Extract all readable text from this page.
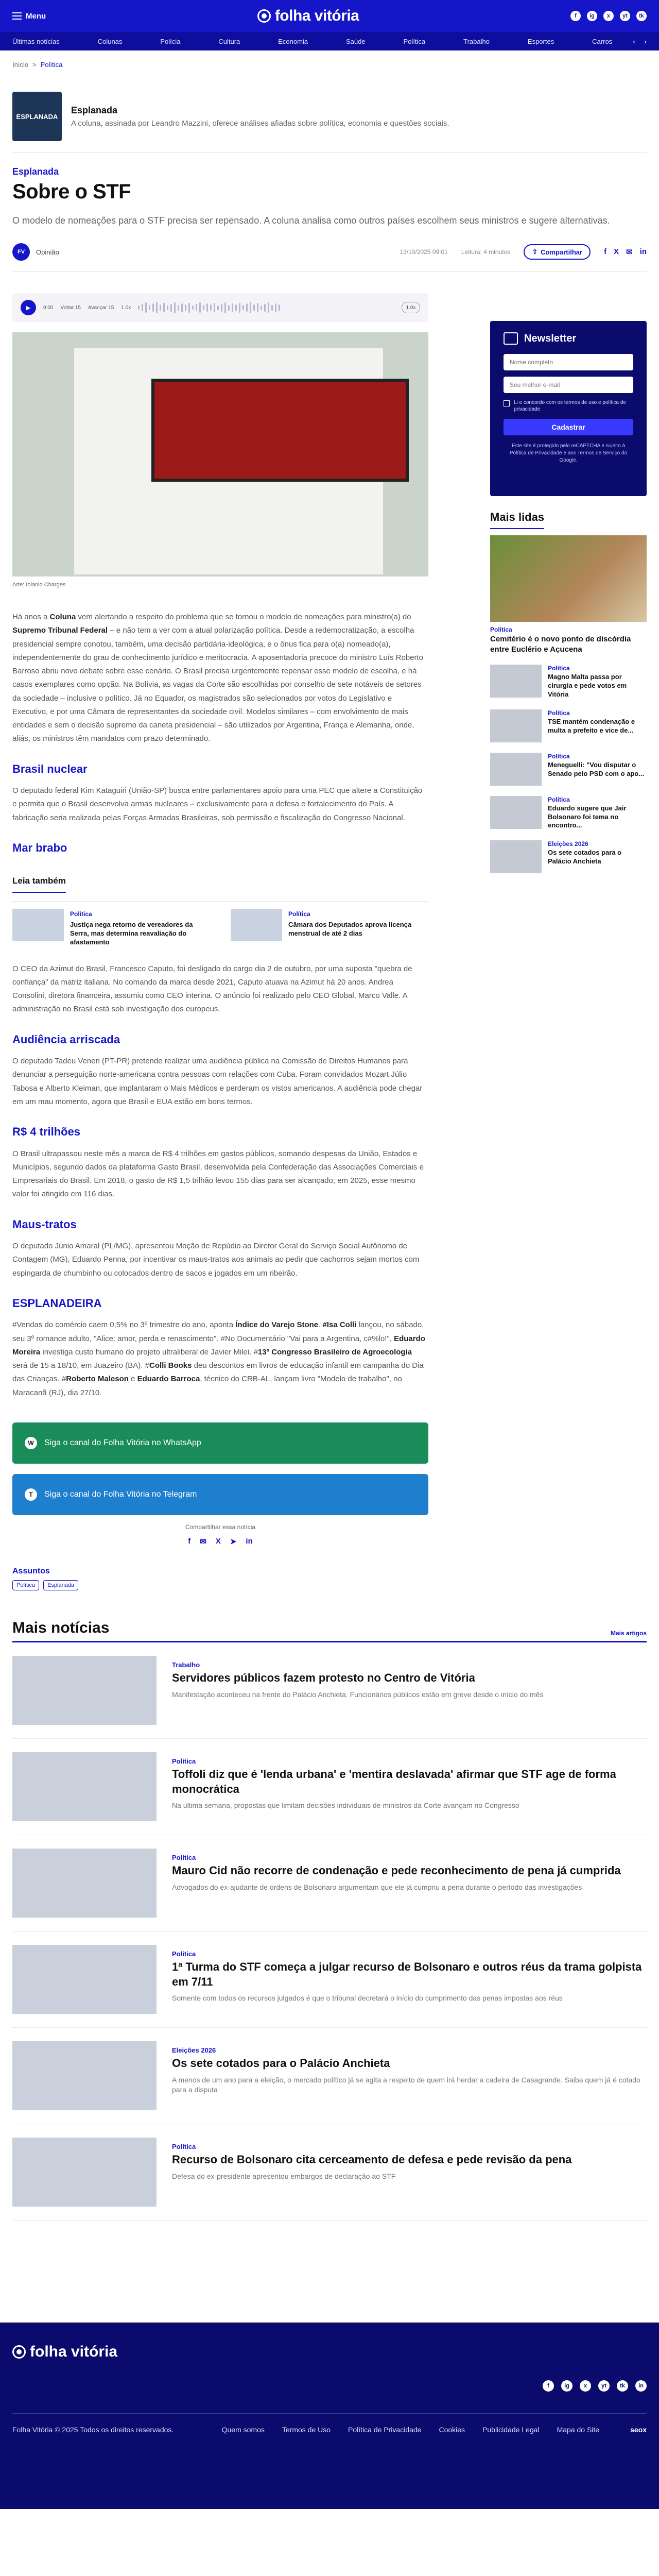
Menu	folha vitória	f	ig	x	yt	tk
Últimas notícias	Colunas	Polícia	Cultura	Economia	Saúde	Política	Trabalho	Esportes	Carros	‹ ›
Início > Política
ESPLANADA
Esplanada
A coluna, assinada por Leandro Mazzini, oferece análises afiadas sobre política, economia e questões sociais.
Esplanada
Sobre o STF
O modelo de nomeações para o STF precisa ser repensado. A coluna analisa como outros países escolhem seus ministros e sugere alternativas.
FV	Opinião	13/10/2025 09:01 Leitura: 4 minutos	⇪ Compartilhar	f X ✉ in
▶	0:00 Voltar 15 Avançar 15 1.0x	1.0x
Arte: Iolanio Charges

Há anos a Coluna vem alertando a respeito do problema que se tornou o modelo de nomeações para ministro(a) do Supremo Tribunal Federal – e não tem a ver com a atual polarização política. Desde a redemocratização, a escolha presidencial sempre conotou, também, uma decisão partidária-ideológica, e o ônus fica para o(a) nomeado(a), independentemente do grau de conhecimento jurídico e meritocracia. A aposentadoria precoce do ministro Luís Roberto Barroso abriu novo debate sobre esse cenário. O Brasil precisa urgentemente repensar esse modelo de escolha, e há casos exemplares como opção. Na Bolívia, as vagas da Corte são escolhidas por conselho de sete notáveis de setores da sociedade – inclusive o político. Já no Equador, os magistrados são selecionados por votos do Legislativo e Executivo, e por uma Câmara de representantes da sociedade civil. Modelos similares – com envolvimento de mais entidades e sem o decisão supremo da caneta presidencial – são utilizados por Argentina, França e Alemanha, onde, aliás, os ministros têm mandatos com prazo determinado.

Brasil nuclear

O deputado federal Kim Kataguiri (União-SP) busca entre parlamentares apoio para uma PEC que altere a Constituição e permita que o Brasil desenvolva armas nucleares – exclusivamente para a defesa e fortalecimento do País. A fabricação seria realizada pelas Forças Armadas Brasileiras, sob permissão e fiscalização do Congresso Nacional.

Mar brabo
Leia também
Política
Justiça nega retorno de vereadores da Serra, mas determina reavaliação do afastamento
Política
Câmara dos Deputados aprova licença menstrual de até 2 dias

O CEO da Azimut do Brasil, Francesco Caputo, foi desligado do cargo dia 2 de outubro, por uma suposta "quebra de confiança" da matriz italiana. No comando da marca desde 2021, Caputo atuava na Azimut há 20 anos. Andrea Consolini, diretora financeira, assumiu como CEO interina. O anúncio foi realizado pelo CEO Global, Marco Valle. A administração no Brasil está sob investigação dos europeus.

Audiência arriscada

O deputado Tadeu Veneri (PT-PR) pretende realizar uma audiência pública na Comissão de Direitos Humanos para denunciar a perseguição norte-americana contra pessoas com relações com Cuba. Foram convidados Mozart Júlio Tabosa e Alberto Kleiman, que implantaram o Mais Médicos e perderam os vistos americanos. A audiência pode chegar em um mau momento, agora que Brasil e EUA estão em bons termos.

R$ 4 trilhões

O Brasil ultrapassou neste mês a marca de R$ 4 trilhões em gastos públicos, somando despesas da União, Estados e Municípios, segundo dados da plataforma Gasto Brasil, desenvolvida pela Confederação das Associações Comerciais e Empresariais do Brasil. Em 2018, o gasto de R$ 1,5 trilhão levou 155 dias para ser alcançado; em 2025, esse mesmo valor foi atingido em 116 dias.

Maus-tratos

O deputado Júnio Amaral (PL/MG), apresentou Moção de Repúdio ao Diretor Geral do Serviço Social Autônomo de Contagem (MG), Eduardo Penna, por incentivar os maus-tratos aos animais ao pedir que cachorros sejam mortos com espingarda de chumbinho ou colocados dentro de sacos e jogados em um ribeirão.

ESPLANADEIRA

#Vendas do comércio caem 0,5% no 3º trimestre do ano, aponta Índice do Varejo Stone. #Isa Colli lançou, no sábado, seu 3º romance adulto, "Alice: amor, perda e renascimento". #No Documentário "Vai para a Argentina, c#%lo!", Eduardo Moreira investiga custo humano do projeto ultraliberal de Javier Milei. #13º Congresso Brasileiro de Agroecologia será de 15 a 18/10, em Juazeiro (BA). #Colli Books deu descontos em livros de educação infantil em campanha do Dia das Crianças. #Roberto Maleson e Eduardo Barroca, técnico do CRB-AL, lançam livro "Modelo de trabalho", no Maracanã (RJ), dia 27/10.

W	Siga o canal do Folha Vitória no WhatsApp
T	Siga o canal do Folha Vitória no Telegram
Compartilhar essa notícia
f ✉ X ➤ in
Assuntos
Política	Esplanada
Newsletter
Nome completo Seu melhor e-mail
Li e concordo com os termos de uso e política de privacidade
Cadastrar
Este site é protegido pelo reCAPTCHA e sujeito à Política de Privacidade e aos Termos de Serviço do Google.
Mais lidas
Política
Cemitério é o novo ponto de discórdia entre Euclério e Açucena
Política
Magno Malta passa por cirurgia e pede votos em Vitória
Política
TSE mantém condenação e multa a prefeito e vice de...
Política
Meneguelli: "Vou disputar o Senado pelo PSD com o apo...
Política
Eduardo sugere que Jair Bolsonaro foi tema no encontro...
Eleições 2026
Os sete cotados para o Palácio Anchieta
Mais notícias	Mais artigos
Trabalho
Servidores públicos fazem protesto no Centro de Vitória
Manifestação aconteceu na frente do Palácio Anchieta. Funcionários públicos estão em greve desde o início do mês
Política
Toffoli diz que é 'lenda urbana' e 'mentira deslavada' afirmar que STF age de forma monocrática
Na última semana, propostas que limitam decisões individuais de ministros da Corte avançam no Congresso
Política
Mauro Cid não recorre de condenação e pede reconhecimento de pena já cumprida
Advogados do ex-ajudante de ordens de Bolsonaro argumentam que ele já cumpriu a pena durante o período das investigações
Política
1ª Turma do STF começa a julgar recurso de Bolsonaro e outros réus da trama golpista em 7/11
Somente com todos os recursos julgados é que o tribunal decretará o início do cumprimento das penas impostas aos réus
Eleições 2026
Os sete cotados para o Palácio Anchieta
A menos de um ano para a eleição, o mercado político já se agita a respeito de quem irá herdar a cadeira de Casagrande. Saiba quem já é cotado para a disputa
Política
Recurso de Bolsonaro cita cerceamento de defesa e pede revisão da pena
Defesa do ex-presidente apresentou embargos de declaração ao STF
folha vitória
f	ig	x	yt	tk	in
Folha Vitória © 2025 Todos os direitos reservados.	Quem somos Termos de Uso Política de Privacidade Cookies Publicidade Legal Mapa do Site	seox
